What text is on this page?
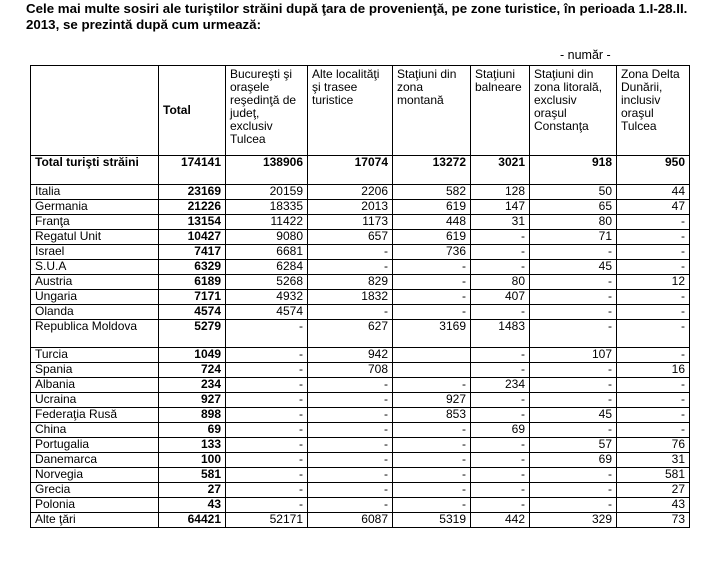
Cele mai multe sosiri ale turiştilor străini după ţara de provenienţă, pe zone turistice, în perioada 1.I-28.II. 2013, se prezintă după cum urmează:

- număr -

	Total	Bucureşti şi oraşele reşedinţă de judeţ, exclusiv Tulcea	Alte localităţi şi trasee turistice	Staţiuni din zona montană	Staţiuni balneare	Staţiuni din zona litorală, exclusiv oraşul Constanţa	Zona Delta Dunării, inclusiv oraşul Tulcea
Total turişti străini	174141	138906	17074	13272	3021	918	950
Italia	23169	20159	2206	582	128	50	44
Germania	21226	18335	2013	619	147	65	47
Franţa	13154	11422	1173	448	31	80	-
Regatul Unit	10427	9080	657	619	-	71	-
Israel	7417	6681	-	736	-	-	-
S.U.A	6329	6284	-	-	-	45	-
Austria	6189	5268	829	-	80	-	12
Ungaria	7171	4932	1832	-	407	-	-
Olanda	4574	4574	-	-	-	-	-
Republica Moldova	5279	-	627	3169	1483	-	-
Turcia	1049	-	942		-	107	-
Spania	724	-	708		-	-	16
Albania	234	-	-	-	234	-	-
Ucraina	927	-	-	927	-	-	-
Federaţia Rusă	898	-	-	853	-	45	-
China	69	-	-	-	69	-	-
Portugalia	133	-	-	-	-	57	76
Danemarca	100	-	-	-	-	69	31
Norvegia	581	-	-	-	-	-	581
Grecia	27	-	-	-	-	-	27
Polonia	43	-	-	-	-	-	43
Alte ţări	64421	52171	6087	5319	442	329	73
